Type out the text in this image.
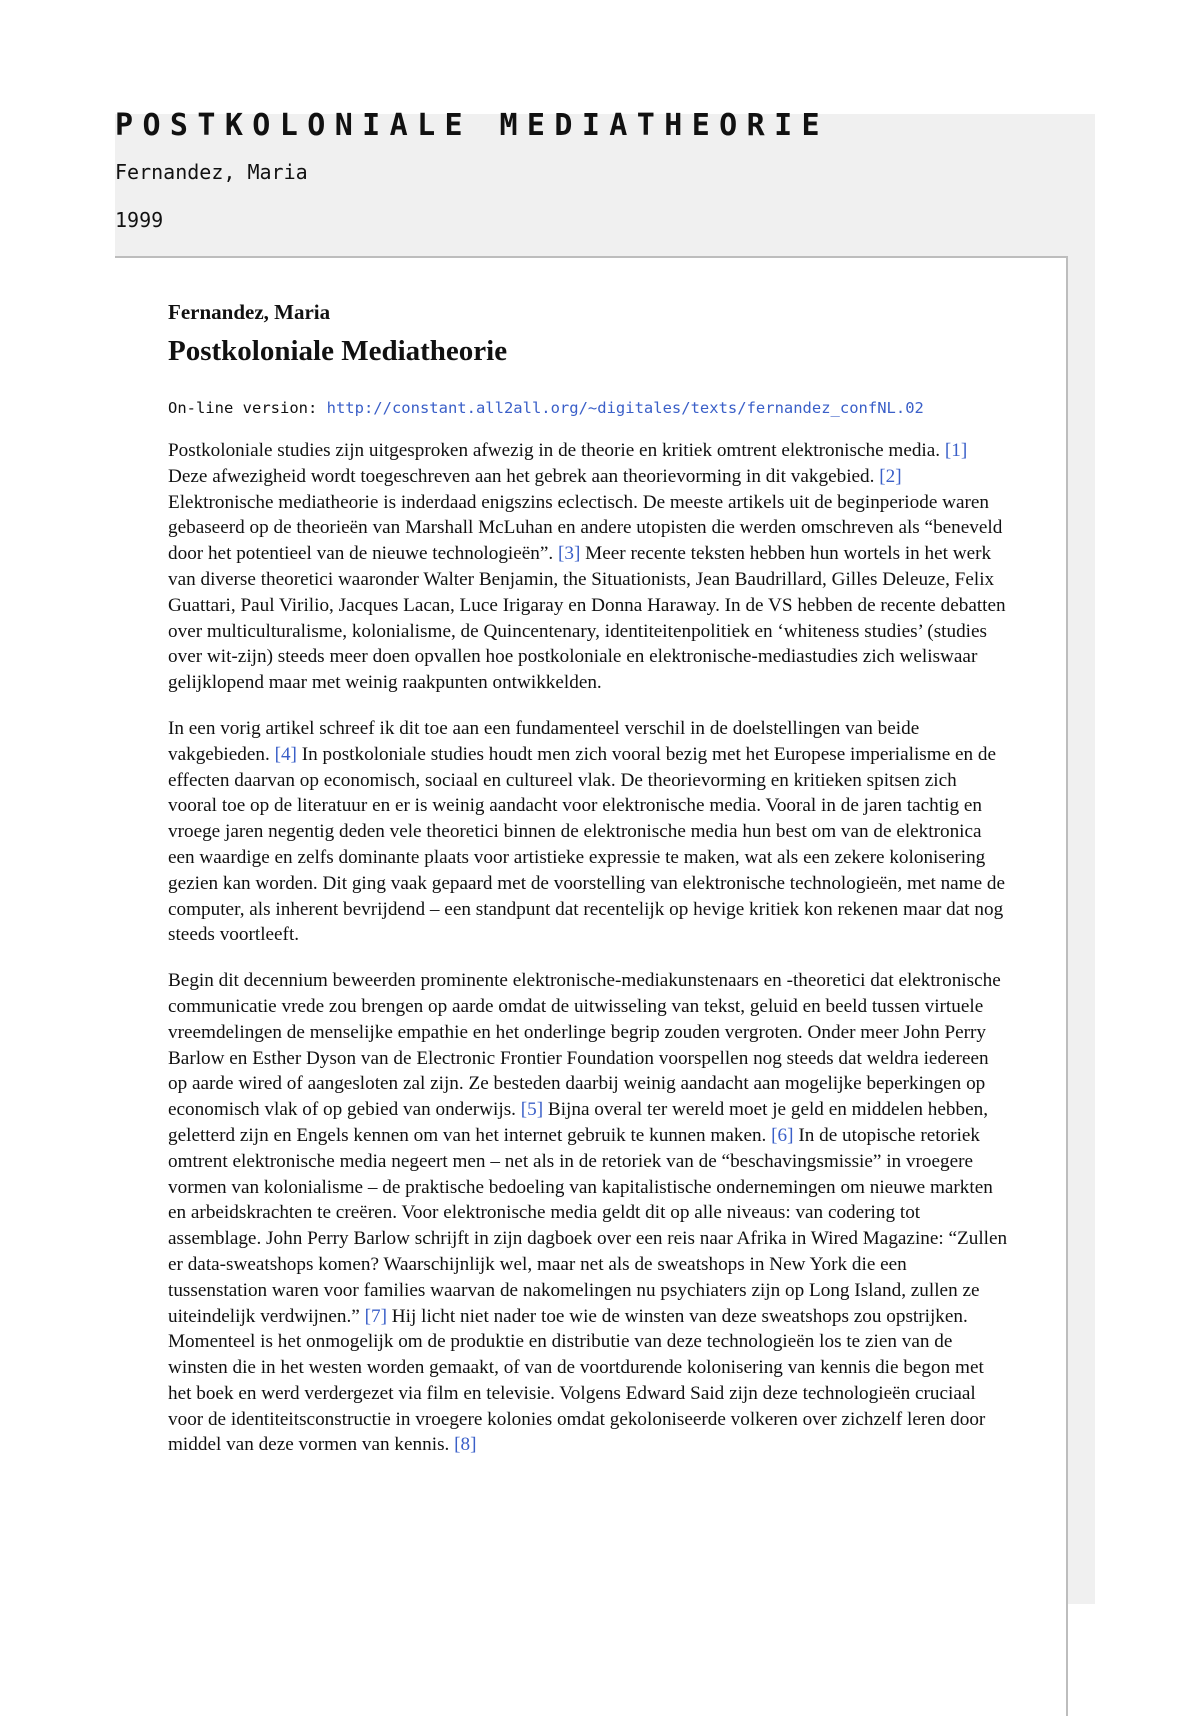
POSTKOLONIALE MEDIATHEORIE

Fernandez, Maria

1999

Fernandez, Maria

Postkoloniale Mediatheorie

On-line version: http://constant.all2all.org/~digitales/texts/fernandez_confNL.02

Postkoloniale studies zijn uitgesproken afwezig in de theorie en kritiek omtrent elektronische media. [1] Deze afwezigheid wordt toegeschreven aan het gebrek aan theorievorming in dit vakgebied. [2] Elektronische mediatheorie is inderdaad enigszins eclectisch. De meeste artikels uit de beginperiode waren gebaseerd op de theorieën van Marshall McLuhan en andere utopisten die werden omschreven als “beneveld door het potentieel van de nieuwe technologieën”. [3] Meer recente teksten hebben hun wortels in het werk van diverse theoretici waaronder Walter Benjamin, the Situationists, Jean Baudrillard, Gilles Deleuze, Felix Guattari, Paul Virilio, Jacques Lacan, Luce Irigaray en Donna Haraway. In de VS hebben de recente debatten over multiculturalisme, kolonialisme, de Quincentenary, identiteitenpolitiek en ‘whiteness studies’ (studies over wit-zijn) steeds meer doen opvallen hoe postkoloniale en elektronische-mediastudies zich weliswaar gelijklopend maar met weinig raakpunten ontwikkelden.

In een vorig artikel schreef ik dit toe aan een fundamenteel verschil in de doelstellingen van beide vakgebieden. [4] In postkoloniale studies houdt men zich vooral bezig met het Europese imperialisme en de effecten daarvan op economisch, sociaal en cultureel vlak. De theorievorming en kritieken spitsen zich vooral toe op de literatuur en er is weinig aandacht voor elektronische media. Vooral in de jaren tachtig en vroege jaren negentig deden vele theoretici binnen de elektronische media hun best om van de elektronica een waardige en zelfs dominante plaats voor artistieke expressie te maken, wat als een zekere kolonisering gezien kan worden. Dit ging vaak gepaard met de voorstelling van elektronische technologieën, met name de computer, als inherent bevrijdend – een standpunt dat recentelijk op hevige kritiek kon rekenen maar dat nog steeds voortleeft.

Begin dit decennium beweerden prominente elektronische-mediakunstenaars en -theoretici dat elektronische communicatie vrede zou brengen op aarde omdat de uitwisseling van tekst, geluid en beeld tussen virtuele vreemdelingen de menselijke empathie en het onderlinge begrip zouden vergroten. Onder meer John Perry Barlow en Esther Dyson van de Electronic Frontier Foundation voorspellen nog steeds dat weldra iedereen op aarde wired of aangesloten zal zijn. Ze besteden daarbij weinig aandacht aan mogelijke beperkingen op economisch vlak of op gebied van onderwijs. [5] Bijna overal ter wereld moet je geld en middelen hebben, geletterd zijn en Engels kennen om van het internet gebruik te kunnen maken. [6] In de utopische retoriek omtrent elektronische media negeert men – net als in de retoriek van de “beschavingsmissie” in vroegere vormen van kolonialisme – de praktische bedoeling van kapitalistische ondernemingen om nieuwe markten en arbeidskrachten te creëren. Voor elektronische media geldt dit op alle niveaus: van codering tot assemblage. John Perry Barlow schrijft in zijn dagboek over een reis naar Afrika in Wired Magazine: “Zullen er data-sweatshops komen? Waarschijnlijk wel, maar net als de sweatshops in New York die een tussenstation waren voor families waarvan de nakomelingen nu psychiaters zijn op Long Island, zullen ze uiteindelijk verdwijnen.” [7] Hij licht niet nader toe wie de winsten van deze sweatshops zou opstrijken. Momenteel is het onmogelijk om de produktie en distributie van deze technologieën los te zien van de winsten die in het westen worden gemaakt, of van de voortdurende kolonisering van kennis die begon met het boek en werd verdergezet via film en televisie. Volgens Edward Said zijn deze technologieën cruciaal voor de identiteitsconstructie in vroegere kolonies omdat gekoloniseerde volkeren over zichzelf leren door middel van deze vormen van kennis. [8]
